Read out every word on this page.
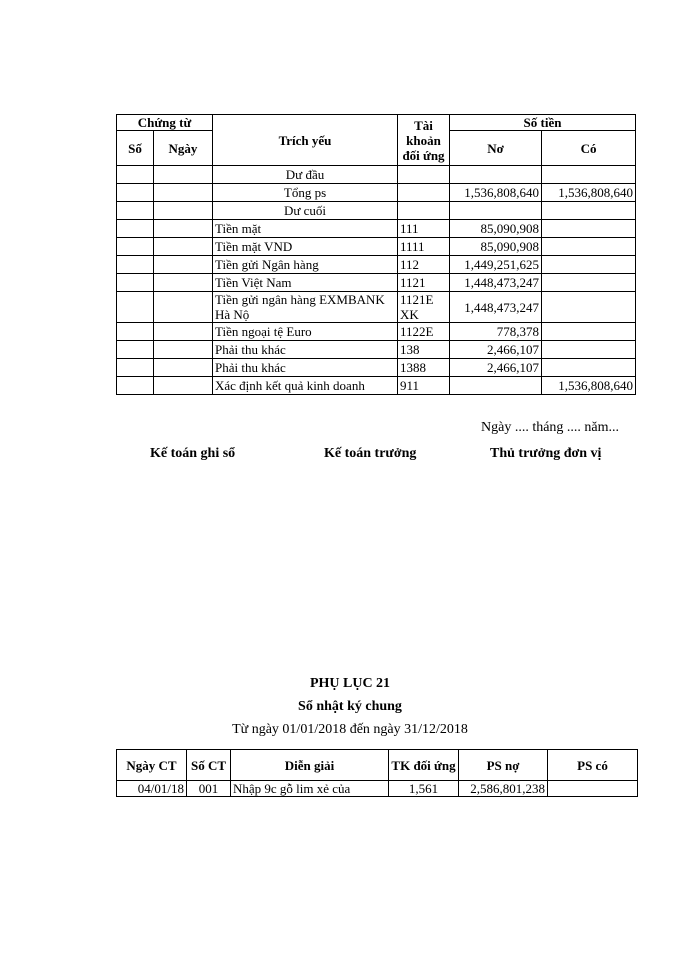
Chứng từ		Trích yếu	Tài khoản đối ứng	Số tiền	
Số	Ngày			Nơ	Có
		Dư đầu			
		Tổng ps		1,536,808,640	1,536,808,640
		Dư cuối			
		Tiền mặt	111	85,090,908	
		Tiền mặt VND	1111	85,090,908	
		Tiền gửi Ngân hàng	112	1,449,251,625	
		Tiền Việt Nam	1121	1,448,473,247	
		Tiền gửi ngân hàng EXMBANK Hà Nộ	1121E XK	1,448,473,247	
		Tiền ngoại tệ Euro	1122E	778,378	
		Phải thu khác	138	2,466,107	
		Phải thu khác	1388	2,466,107	
		Xác định kết quả kinh doanh	911		1,536,808,640
Ngày .... tháng .... năm...
Kế toán ghi sổ	Kế toán trưởng	Thủ trưởng đơn vị
PHỤ LỤC 21
Sổ nhật ký chung
Từ ngày 01/01/2018 đến ngày 31/12/2018
Ngày CT	Số CT	Diễn giải	TK đối ứng	PS nợ	PS có
04/01/18	001	Nhập 9c gỗ lim xẻ của	1,561	2,586,801,238	
